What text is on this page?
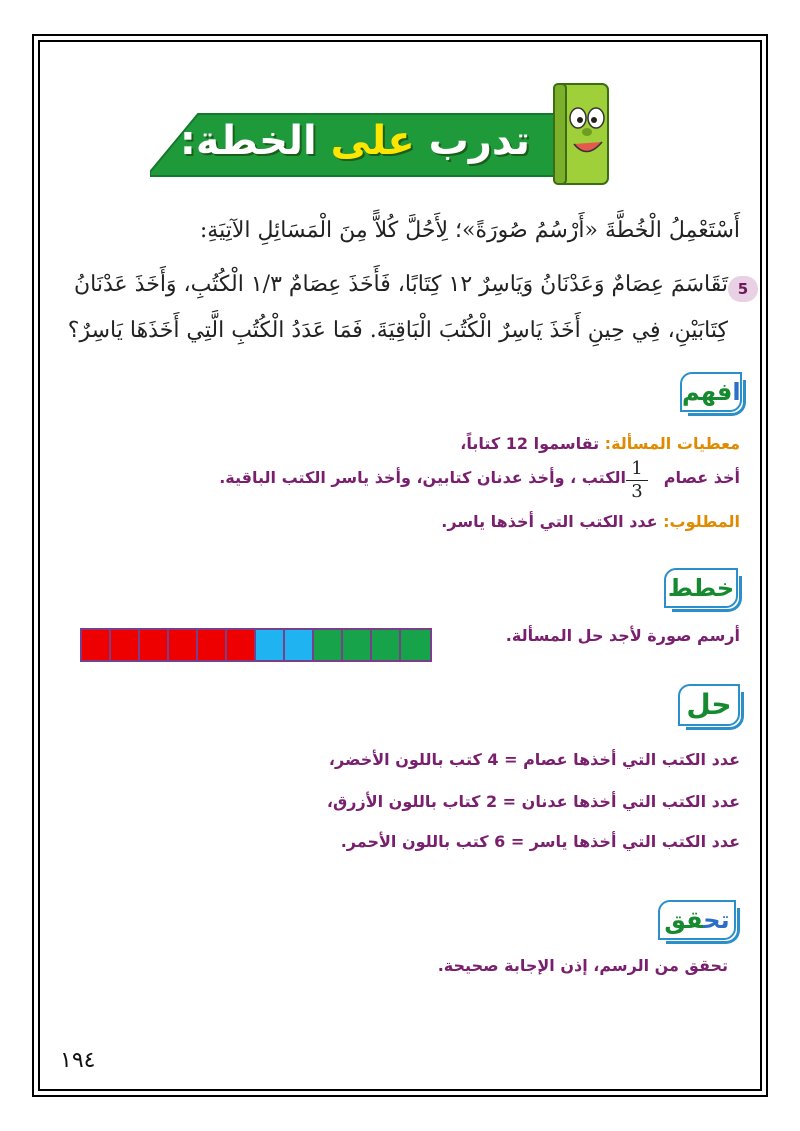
تدرب على الخطة:
أَسْتَعْمِلُ الْخُطَّةَ «أَرْسُمُ صُورَةً»؛ لِأَحُلَّ كُلاًّ مِنَ الْمَسَائِلِ الآتِيَةِ:
5
تَقَاسَمَ عِصَامٌ وَعَدْنَانُ وَيَاسِرٌ ١٢ كِتَابًا، فَأَخَذَ عِصَامٌ ١/٣ الْكُتُبِ، وَأَخَذَ عَدْنَانُ
كِتَابَيْنِ، فِي حِينِ أَخَذَ يَاسِرٌ الْكُتُبَ الْبَاقِيَةَ. فَمَا عَدَدُ الْكُتُبِ الَّتِي أَخَذَهَا يَاسِرٌ؟
افهم
معطيات المسألة: تقاسموا 12 كتاباً،
أخذ عصام
$\frac{1}{3}$
الكتب ، وأخذ عدنان كتابين، وأخذ ياسر الكتب الباقية.
المطلوب: عدد الكتب التي أخذها ياسر.
خطط
أرسم صورة لأجد حل المسألة.
حل
عدد الكتب التي أخذها عصام = 4 كتب باللون الأخضر،
عدد الكتب التي أخذها عدنان = 2 كتاب باللون الأزرق،
عدد الكتب التي أخذها ياسر = 6 كتب باللون الأحمر.
تحقق
تحقق من الرسم، إذن الإجابة صحيحة.
١٩٤
